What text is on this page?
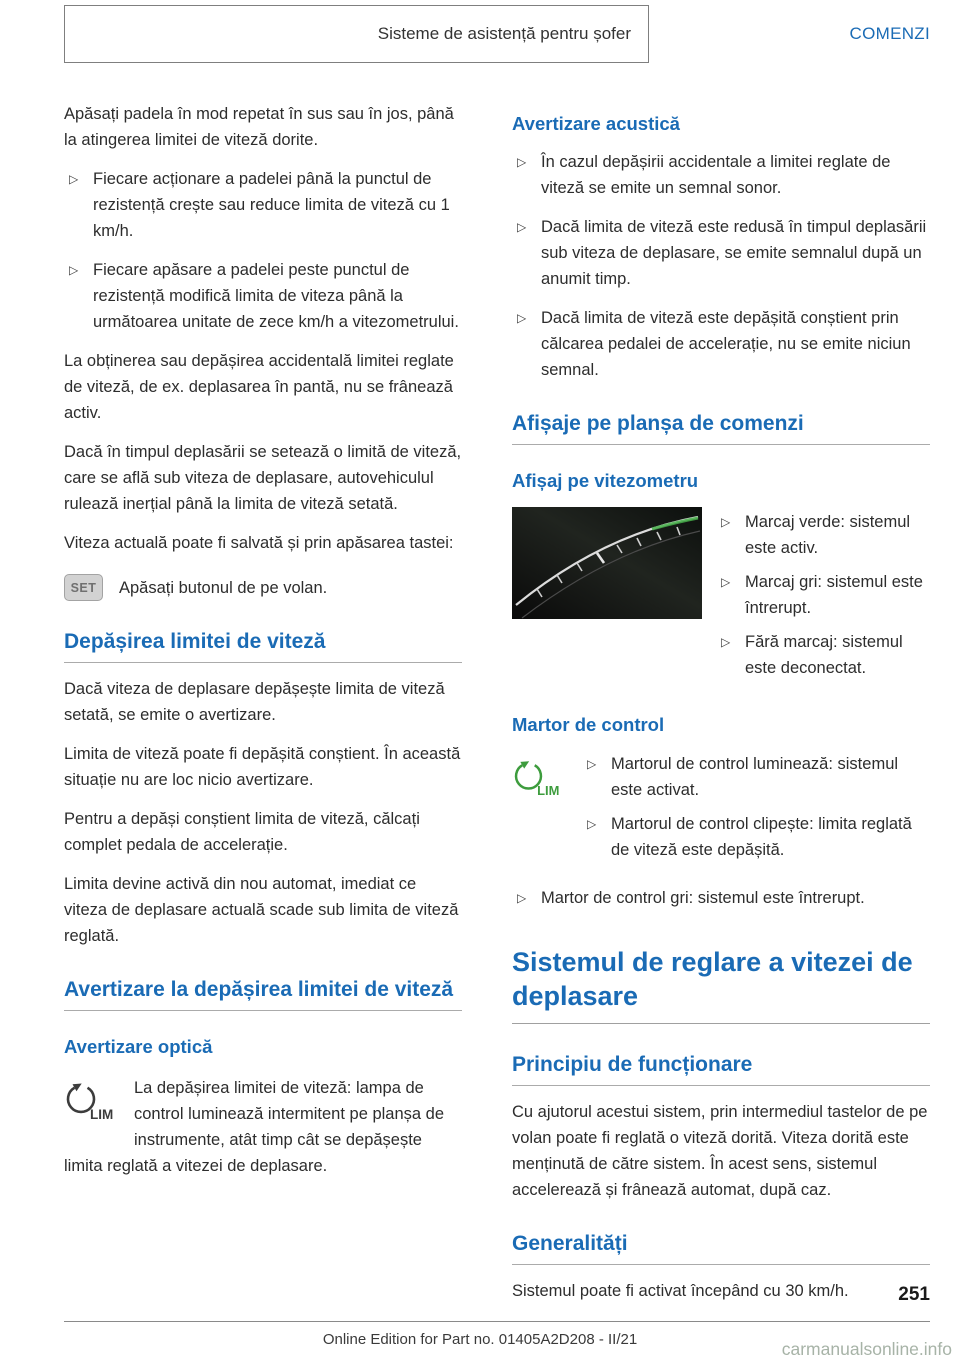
Sisteme de asistență pentru șofer	COMENZI

Apăsați padela în mod repetat în sus sau în jos, până la atingerea limitei de viteză dorite.

▷ Fiecare acționare a padelei până la punctul de rezistență crește sau reduce limita de viteză cu 1 km/h.
▷ Fiecare apăsare a padelei peste punctul de rezistență modifică limita de viteza până la următoarea unitate de zece km/h a vitezometrului.

La obținerea sau depășirea accidentală limitei reglate de viteză, de ex. deplasarea în pantă, nu se frânează activ.

Dacă în timpul deplasării se setează o limită de viteză, care se află sub viteza de deplasare, autovehiculul rulează inerțial până la limita de viteză setată.

Viteza actuală poate fi salvată și prin apăsarea tastei:

SET	Apăsați butonul de pe volan.

Depășirea limitei de viteză

Dacă viteza de deplasare depășește limita de viteză setată, se emite o avertizare.

Limita de viteză poate fi depășită conștient. În această situație nu are loc nicio avertizare.

Pentru a depăși conștient limita de viteză, călcați complet pedala de accelerație.

Limita devine activă din nou automat, imediat ce viteza de deplasare actuală scade sub limita de viteză reglată.

Avertizare la depășirea limitei de viteză
Avertizare optică
LIM

La depășirea limitei de viteză: lampa de control luminează intermitent pe planșa de instrumente, atât timp cât se depășește limita reglată a vitezei de deplasare.

Avertizare acustică
▷ În cazul depășirii accidentale a limitei reglate de viteză se emite un semnal sonor.
▷ Dacă limita de viteză este redusă în timpul deplasării sub viteza de deplasare, se emite semnalul după un anumit timp.
▷ Dacă limita de viteză este depășită conștient prin călcarea pedalei de accelerație, nu se emite niciun semnal.
Afișaje pe planșa de comenzi
Afișaj pe vitezometru
▷ Marcaj verde: sistemul este activ.
▷ Marcaj gri: sistemul este întrerupt.
▷ Fără marcaj: sistemul este deconectat.
Martor de control
LIM
▷ Martorul de control luminează: sistemul este activat.
▷ Martorul de control clipește: limita reglată de viteză este depășită.
▷ Martor de control gri: sistemul este întrerupt.
Sistemul de reglare a vitezei de deplasare
Principiu de funcționare

Cu ajutorul acestui sistem, prin intermediul tastelor de pe volan poate fi reglată o viteză dorită. Viteza dorită este menținută de către sistem. În acest sens, sistemul accelerează și frânează automat, după caz.

Generalități

Sistemul poate fi activat începând cu 30 km/h.	251
Online Edition for Part no. 01405A2D208 - II/21	carmanualsonline.info
